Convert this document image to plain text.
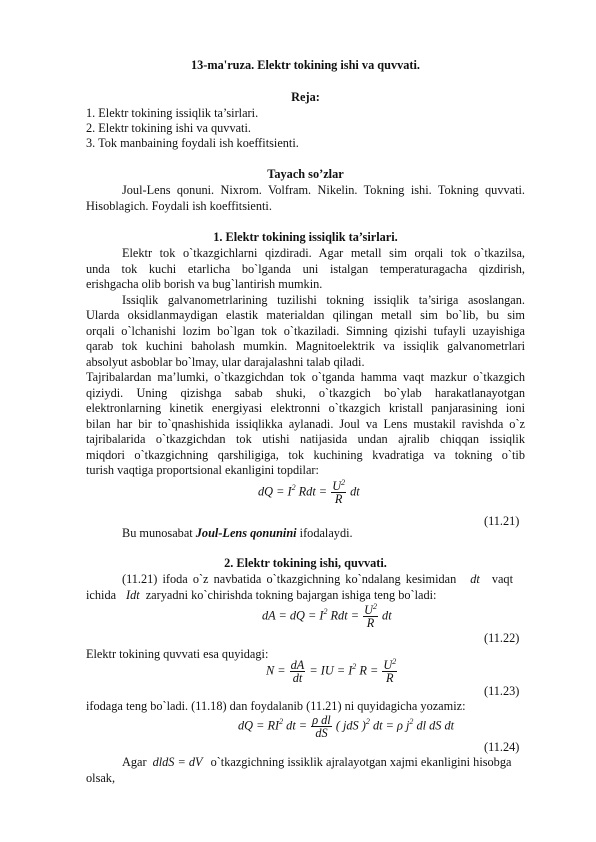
13-ma'ruza. Elektr tokining ishi va quvvati.
Reja:
1. Elektr tokining issiqlik ta’sirlari.
2. Elektr tokining ishi va quvvati.
3. Tok manbaining foydali ish koeffitsienti.
Tayach so’zlar
Joul-Lens qonuni. Nixrom. Volfram. Nikelin. Tokning ishi. Tokning quvvati.
Hisoblagich. Foydali ish koeffitsienti.
1. Elektr tokining issiqlik ta’sirlari.
Elektr tok o`tkazgichlarni qizdiradi. Agar metall sim orqali tok o`tkazilsa,
unda tok kuchi etarlicha bo`lganda uni istalgan temperaturagacha qizdirish,
erishgacha olib borish va bug`lantirish mumkin.
Issiqlik galvanometrlarining tuzilishi tokning issiqlik ta’siriga asoslangan.
Ularda oksidlanmaydigan elastik materialdan qilingan metall sim bo`lib, bu sim
orqali o`lchanishi lozim bo`lgan tok o`tkaziladi. Simning qizishi tufayli uzayishiga
qarab tok kuchini baholash mumkin. Magnitoelektrik va issiqlik galvanometrlari
absolyut asboblar bo`lmay, ular darajalashni talab qiladi.
Tajribalardan ma’lumki, o`tkazgichdan tok o`tganda hamma vaqt mazkur o`tkazgich
qiziydi. Uning qizishga sabab shuki, o`tkazgich bo`ylab harakatlanayotgan
elektronlarning kinetik energiyasi elektronni o`tkazgich kristall panjarasining ioni
bilan har bir to`qnashishida issiqlikka aylanadi. Joul va Lens mustakil ravishda o`z
tajribalarida o`tkazgichdan tok utishi natijasida undan ajralib chiqqan issiqlik
miqdori o`tkazgichning qarshiligiga, tok kuchining kvadratiga va tokning o`tib
turish vaqtiga proportsional ekanligini topdilar:
dQ = $I^2$ Rdt = $\frac{U^2}{R}$ dt
(11.21)
Bu munosabat Joul-Lens qonunini ifodalaydi.
2. Elektr tokining ishi, quvvati.
(11.21) ifoda o`z navbatida o`tkazgichning ko`ndalang kesimidan dt vaqt
ichida Idt zaryadni ko`chirishda tokning bajargan ishiga teng bo`ladi:
dA = dQ = $I^2$ Rdt = $\frac{U^2}{R}$ dt
(11.22)
Elektr tokining quvvati esa quyidagi:
$N = \frac{dA}{dt}$ = IU = $I^2$ $R = \frac{U^2}{R}$
(11.23)
ifodaga teng bo`ladi. (11.18) dan foydalanib (11.21) ni quyidagicha yozamiz:
dQ = $RI^2$ dt = $\frac{\text{ρ dl}}{dS}$ ( jdS )$^2$ dt = ρ $j^2$ dl dS dt
(11.24)
Agar dldS = dV o`tkazgichning issiklik ajralayotgan xajmi ekanligini hisobga
olsak,
